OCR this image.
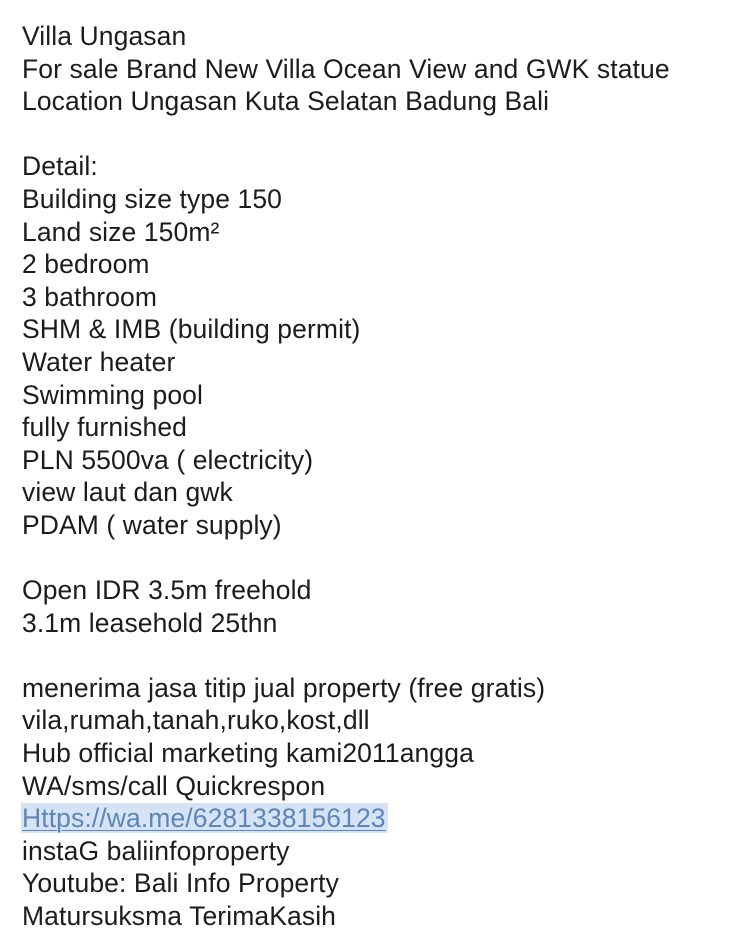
Villa Ungasan
For sale Brand New Villa Ocean View and GWK statue
Location Ungasan Kuta Selatan Badung Bali
Detail:
Building size type 150
Land size 150m²
2 bedroom
3 bathroom
SHM & IMB (building permit)
Water heater
Swimming pool
fully furnished
PLN 5500va ( electricity)
view laut dan gwk
PDAM ( water supply)
Open IDR 3.5m freehold
3.1m leasehold 25thn
menerima jasa titip jual property (free gratis)
vila,rumah,tanah,ruko,kost,dll
Hub official marketing kami2011angga
WA/sms/call Quickrespon
Https://wa.me/6281338156123
instaG baliinfoproperty
Youtube: Bali Info Property
Matursuksma TerimaKasih
